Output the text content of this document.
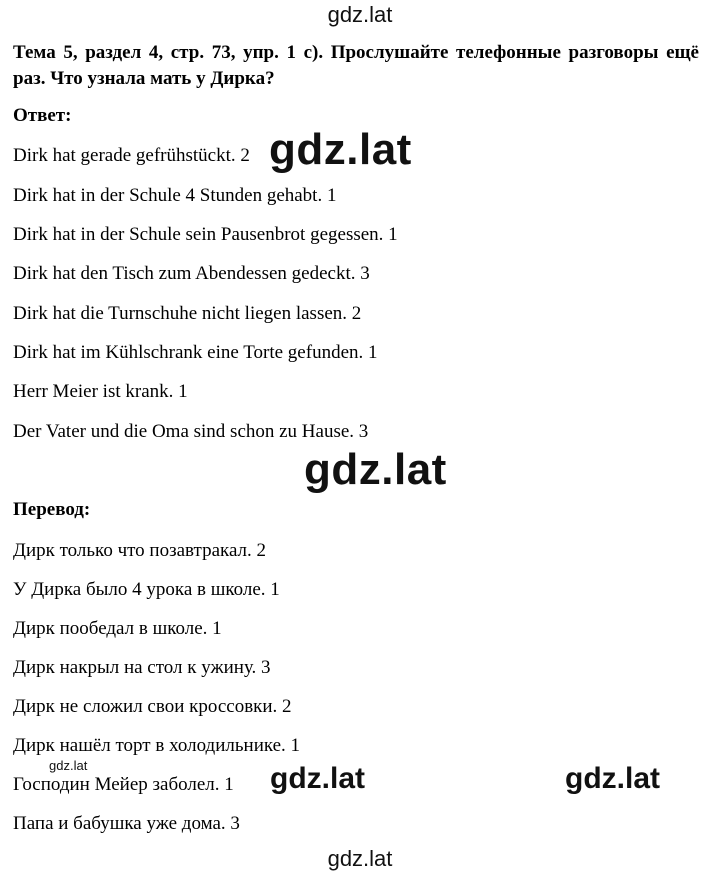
Тема 5, раздел 4, стр. 73, упр. 1 с). Прослушайте телефонные разговоры ещё раз. Что узнала мать у Дирка?

Ответ:

Dirk hat gerade gefrühstückt. 2

Dirk hat in der Schule 4 Stunden gehabt. 1

Dirk hat in der Schule sein Pausenbrot gegessen. 1

Dirk hat den Tisch zum Abendessen gedeckt. 3

Dirk hat die Turnschuhe nicht liegen lassen. 2

Dirk hat im Kühlschrank eine Torte gefunden. 1

Herr Meier ist krank. 1

Der Vater und die Oma sind schon zu Hause. 3

Перевод:

Дирк только что позавтракал. 2

У Дирка было 4 урока в школе. 1

Дирк пообедал в школе. 1

Дирк накрыл на стол к ужину. 3

Дирк не сложил свои кроссовки. 2

Дирк нашёл торт в холодильнике. 1

Господин Мейер заболел. 1

Папа и бабушка уже дома. 3

gdz.lat
gdz.lat
gdz.lat
gdz.lat	gdz.lat	gdz.lat
gdz.lat
